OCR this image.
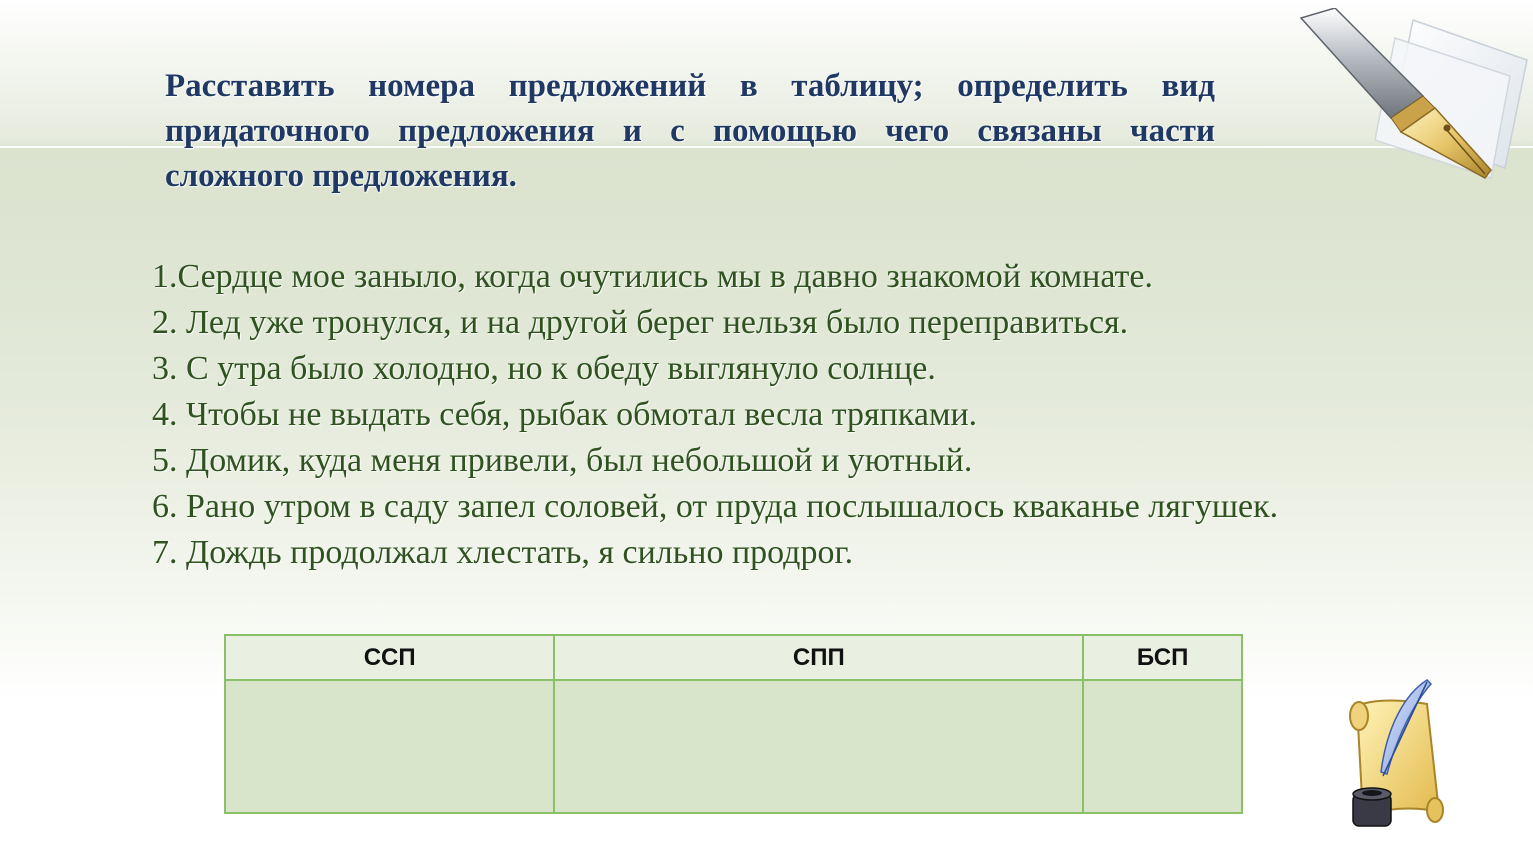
Расставить номера предложений в таблицу; определить вид придаточного предложения и с помощью чего связаны части сложного предложения.
1.Сердце мое заныло, когда очутились мы в давно знакомой комнате.
2. Лед уже тронулся, и на другой берег нельзя было переправиться.
3. С утра было холодно, но к обеду выглянуло солнце.
4. Чтобы не выдать себя, рыбак обмотал весла тряпками.
5. Домик, куда меня привели, был небольшой и уютный.
6. Рано утром в саду запел соловей, от пруда послышалось кваканье лягушек.
7. Дождь продолжал хлестать, я сильно продрог.
ССП	СПП	БСП
